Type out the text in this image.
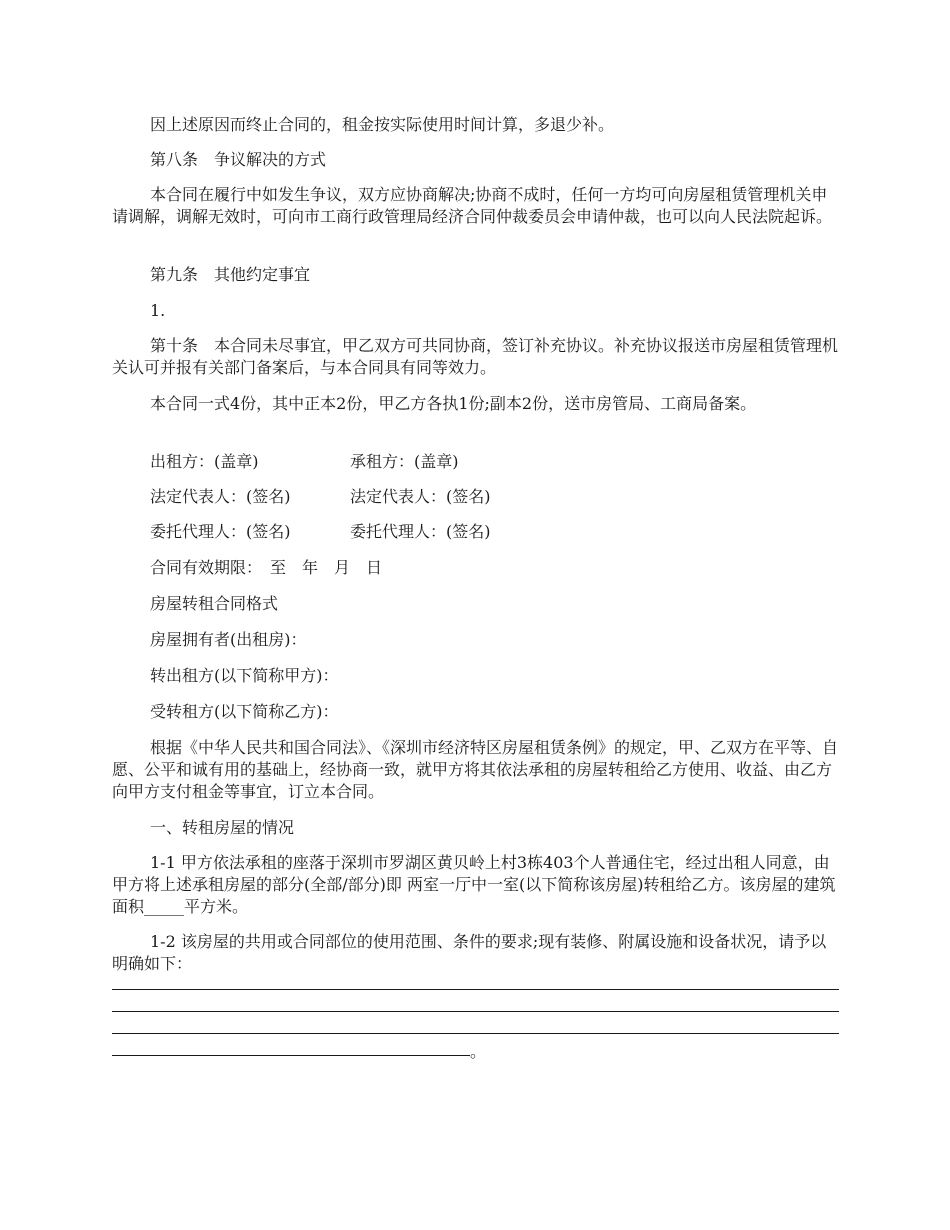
因上述原因而终止合同的，租金按实际使用时间计算，多退少补。
第八条　争议解决的方式
本合同在履行中如发生争议，双方应协商解决;协商不成时，任何一方均可向房屋租赁管理机关申请调解，调解无效时，可向市工商行政管理局经济合同仲裁委员会申请仲裁，也可以向人民法院起诉。
第九条　其他约定事宜
1.
第十条　本合同未尽事宜，甲乙双方可共同协商，签订补充协议。补充协议报送市房屋租赁管理机关认可并报有关部门备案后，与本合同具有同等效力。
本合同一式4份，其中正本2份，甲乙方各执1份;副本2份，送市房管局、工商局备案。
出租方：(盖章)	承租方：(盖章)
法定代表人：(签名)	法定代表人：(签名)
委托代理人：(签名)	委托代理人：(签名)
合同有效期限：　至　年　月　日
房屋转租合同格式
房屋拥有者(出租房)：
转出租方(以下简称甲方)：
受转租方(以下简称乙方)：
根据《中华人民共和国合同法》、《深圳市经济特区房屋租赁条例》的规定，甲、乙双方在平等、自愿、公平和诚有用的基础上，经协商一致，就甲方将其依法承租的房屋转租给乙方使用、收益、由乙方向甲方支付租金等事宜，订立本合同。
一、转租房屋的情况
1-1 甲方依法承租的座落于深圳市罗湖区黄贝岭上村3栋403个人普通住宅，经过出租人同意，由甲方将上述承租房屋的部分(全部/部分)即 两室一厅中一室(以下简称该房屋)转租给乙方。该房屋的建筑面积_____平方米。
1-2 该房屋的共用或合同部位的使用范围、条件的要求;现有装修、附属设施和设备状况，请予以明确如下：
。
